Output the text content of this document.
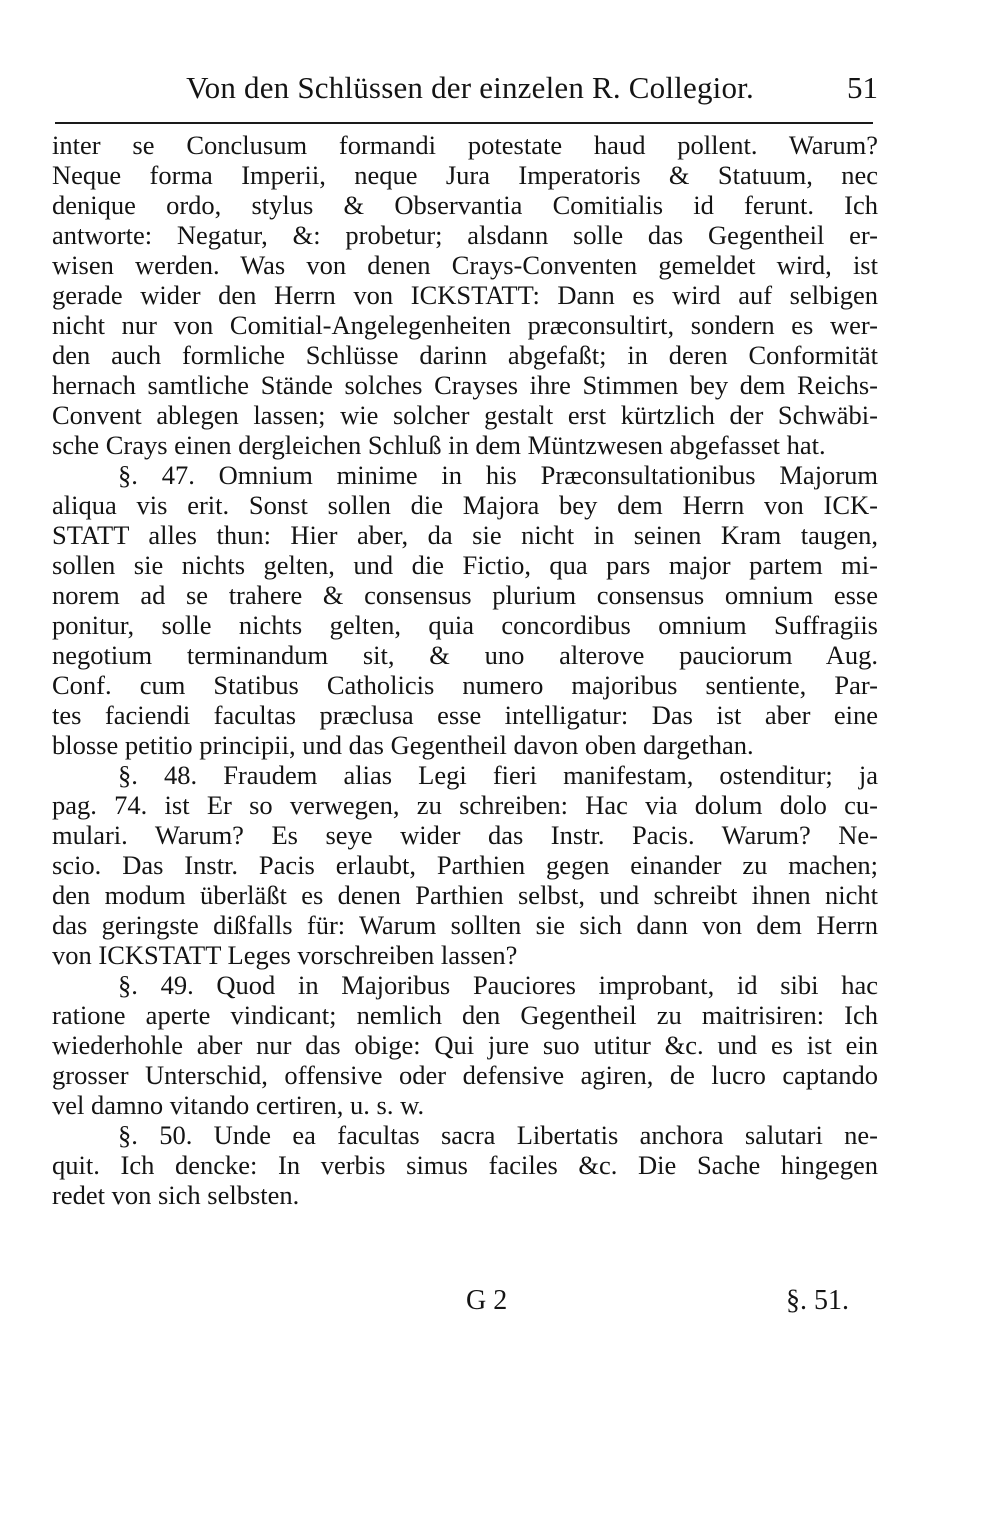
Von den Schlüssen der einzelen R. Collegior.	51
inter se Conclusum formandi potestate haud pollent. Warum?
Neque forma Imperii, neque Jura Imperatoris & Statuum, nec
denique ordo, stylus & Observantia Comitialis id ferunt. Ich
antworte: Negatur, &: probetur; alsdann solle das Gegentheil er-
wisen werden. Was von denen Crays-Conventen gemeldet wird, ist
gerade wider den Herrn von ICKSTATT: Dann es wird auf selbigen
nicht nur von Comitial-Angelegenheiten præconsultirt, sondern es wer-
den auch formliche Schlüsse darinn abgefaßt; in deren Conformität
hernach samtliche Stände solches Crayses ihre Stimmen bey dem Reichs-
Convent ablegen lassen; wie solcher gestalt erst kürtzlich der Schwäbi-
sche Crays einen dergleichen Schluß in dem Müntzwesen abgefasset hat.
§. 47. Omnium minime in his Præconsultationibus Majorum
aliqua vis erit. Sonst sollen die Majora bey dem Herrn von ICK-
STATT alles thun: Hier aber, da sie nicht in seinen Kram taugen,
sollen sie nichts gelten, und die Fictio, qua pars major partem mi-
norem ad se trahere & consensus plurium consensus omnium esse
ponitur, solle nichts gelten, quia concordibus omnium Suffragiis
negotium terminandum sit, & uno alterove pauciorum Aug.
Conf. cum Statibus Catholicis numero majoribus sentiente, Par-
tes faciendi facultas præclusa esse intelligatur: Das ist aber eine
blosse petitio principii, und das Gegentheil davon oben dargethan.
§. 48. Fraudem alias Legi fieri manifestam, ostenditur; ja
pag. 74. ist Er so verwegen, zu schreiben: Hac via dolum dolo cu-
mulari. Warum? Es seye wider das Instr. Pacis. Warum? Ne-
scio. Das Instr. Pacis erlaubt, Parthien gegen einander zu machen;
den modum überläßt es denen Parthien selbst, und schreibt ihnen nicht
das geringste dißfalls für: Warum sollten sie sich dann von dem Herrn
von ICKSTATT Leges vorschreiben lassen?
§. 49. Quod in Majoribus Pauciores improbant, id sibi hac
ratione aperte vindicant; nemlich den Gegentheil zu maitrisiren: Ich
wiederhohle aber nur das obige: Qui jure suo utitur &c. und es ist ein
grosser Unterschid, offensive oder defensive agiren, de lucro captando
vel damno vitando certiren, u. s. w.
§. 50. Unde ea facultas sacra Libertatis anchora salutari ne-
quit. Ich dencke: In verbis simus faciles &c. Die Sache hingegen
redet von sich selbsten.
G 2	§. 51.
